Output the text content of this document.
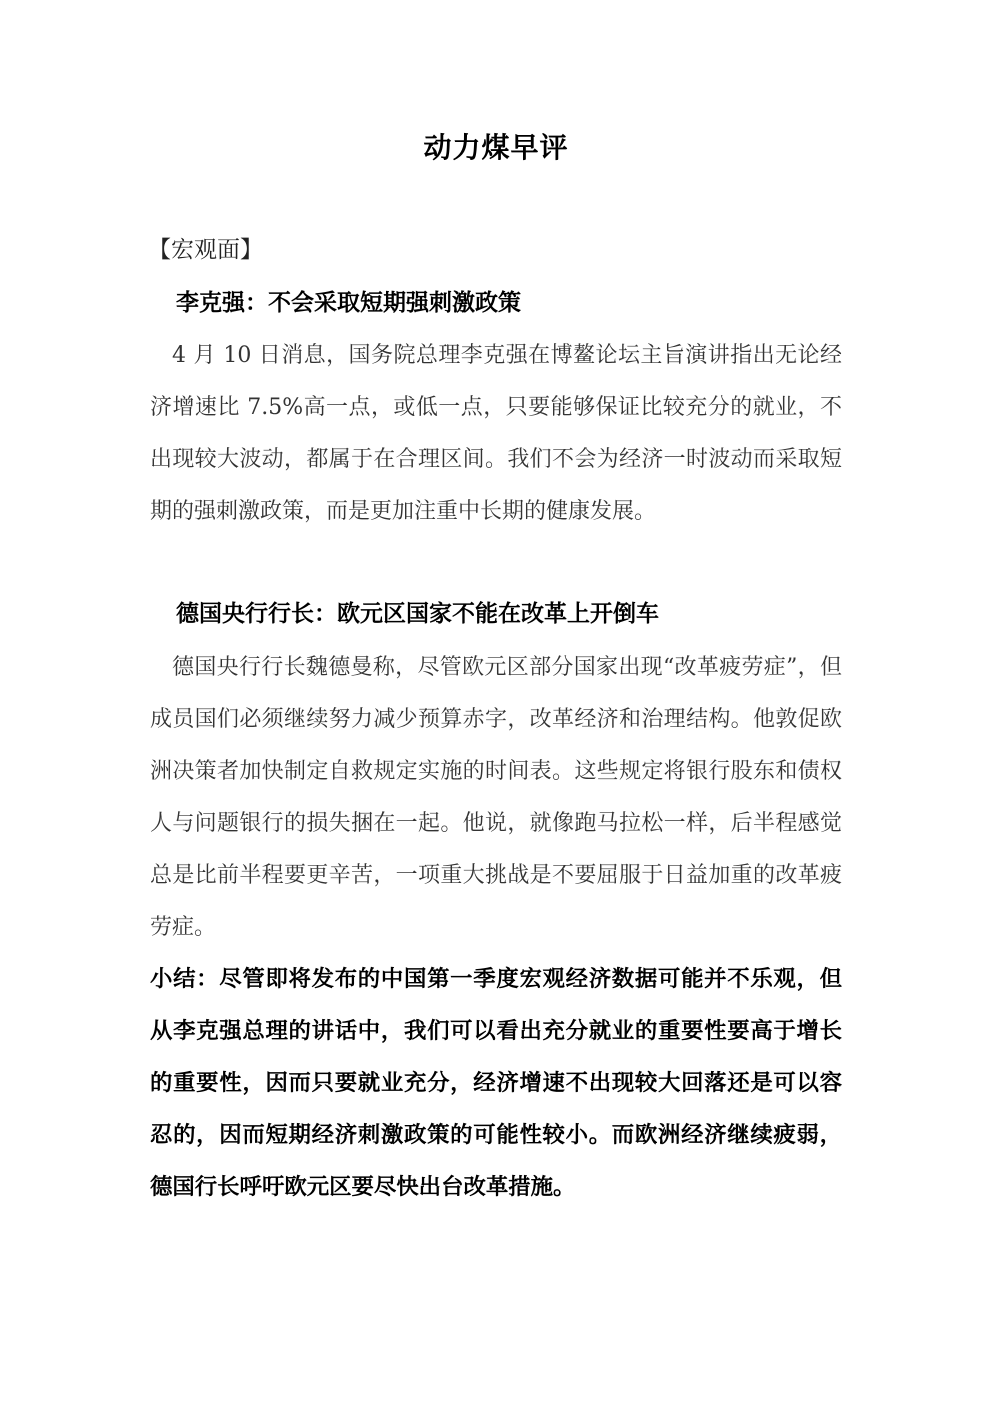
动力煤早评
【宏观面】
李克强：不会采取短期强刺激政策

4 月 10 日消息，国务院总理李克强在博鳌论坛主旨演讲指出无论经济增速比 7.5%高一点，或低一点，只要能够保证比较充分的就业，不出现较大波动，都属于在合理区间。我们不会为经济一时波动而采取短期的强刺激政策，而是更加注重中长期的健康发展。

德国央行行长：欧元区国家不能在改革上开倒车

德国央行行长魏德曼称，尽管欧元区部分国家出现“改革疲劳症”，但成员国们必须继续努力减少预算赤字，改革经济和治理结构。他敦促欧洲决策者加快制定自救规定实施的时间表。这些规定将银行股东和债权人与问题银行的损失捆在一起。他说，就像跑马拉松一样，后半程感觉总是比前半程要更辛苦，一项重大挑战是不要屈服于日益加重的改革疲劳症。

小结：尽管即将发布的中国第一季度宏观经济数据可能并不乐观，但从李克强总理的讲话中，我们可以看出充分就业的重要性要高于增长的重要性，因而只要就业充分，经济增速不出现较大回落还是可以容忍的，因而短期经济刺激政策的可能性较小。而欧洲经济继续疲弱，德国行长呼吁欧元区要尽快出台改革措施。
